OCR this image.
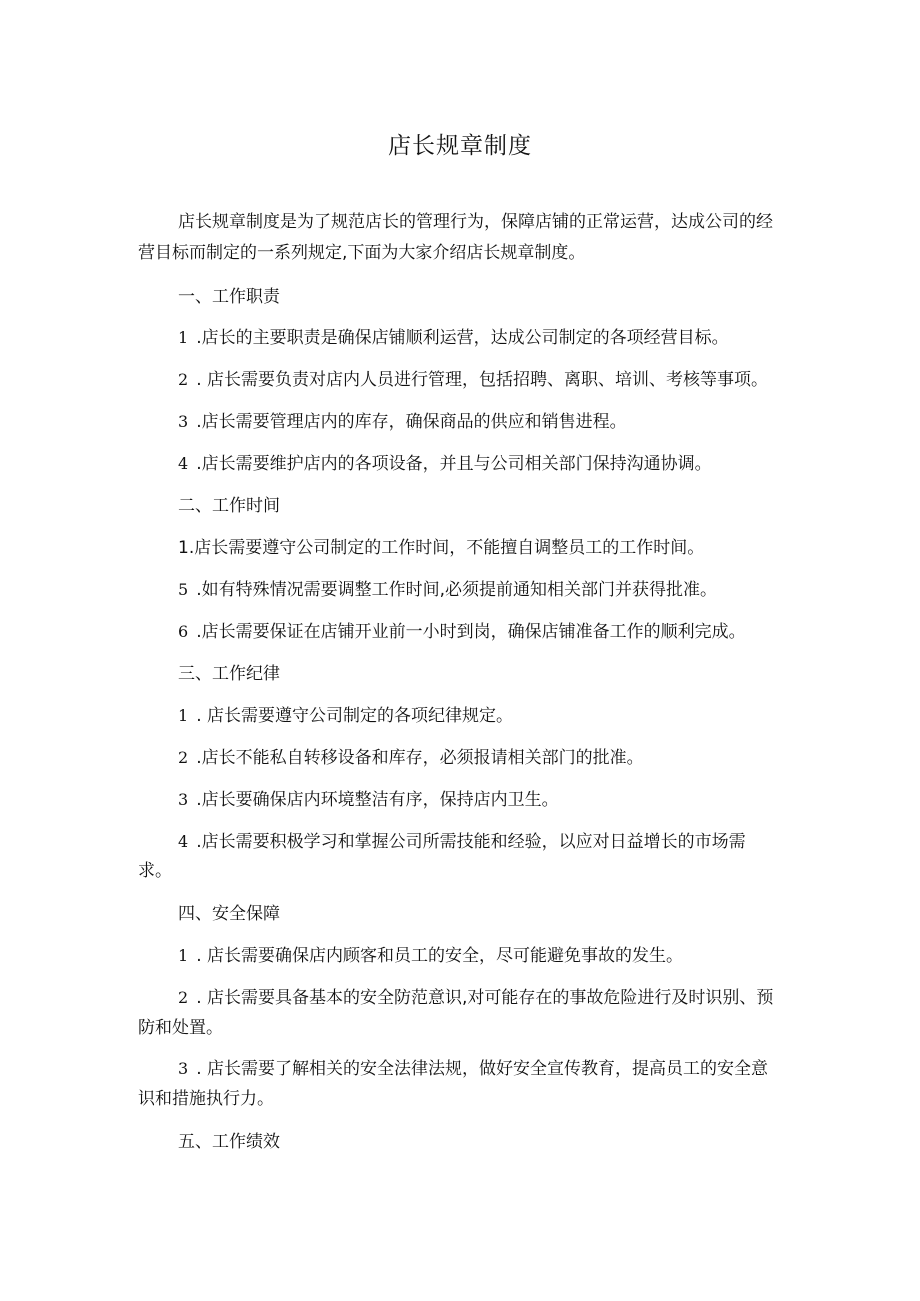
店长规章制度
店长规章制度是为了规范店长的管理行为，保障店铺的正常运营，达成公司的经
营目标而制定的一系列规定,下面为大家介绍店长规章制度。
一、工作职责
1 .店长的主要职责是确保店铺顺利运营，达成公司制定的各项经营目标。
2 . 店长需要负责对店内人员进行管理，包括招聘、离职、培训、考核等事项。
3 .店长需要管理店内的库存，确保商品的供应和销售进程。
4 .店长需要维护店内的各项设备，并且与公司相关部门保持沟通协调。
二、工作时间
1.店长需要遵守公司制定的工作时间，不能擅自调整员工的工作时间。
5 .如有特殊情况需要调整工作时间,必须提前通知相关部门并获得批准。
6 .店长需要保证在店铺开业前一小时到岗，确保店铺准备工作的顺利完成。
三、工作纪律
1 . 店长需要遵守公司制定的各项纪律规定。
2 .店长不能私自转移设备和库存，必须报请相关部门的批准。
3 .店长要确保店内环境整洁有序，保持店内卫生。
4 .店长需要积极学习和掌握公司所需技能和经验，以应对日益增长的市场需
求。
四、安全保障
1 . 店长需要确保店内顾客和员工的安全，尽可能避免事故的发生。
2 . 店长需要具备基本的安全防范意识,对可能存在的事故危险进行及时识别、预
防和处置。
3 . 店长需要了解相关的安全法律法规，做好安全宣传教育，提高员工的安全意
识和措施执行力。
五、工作绩效
